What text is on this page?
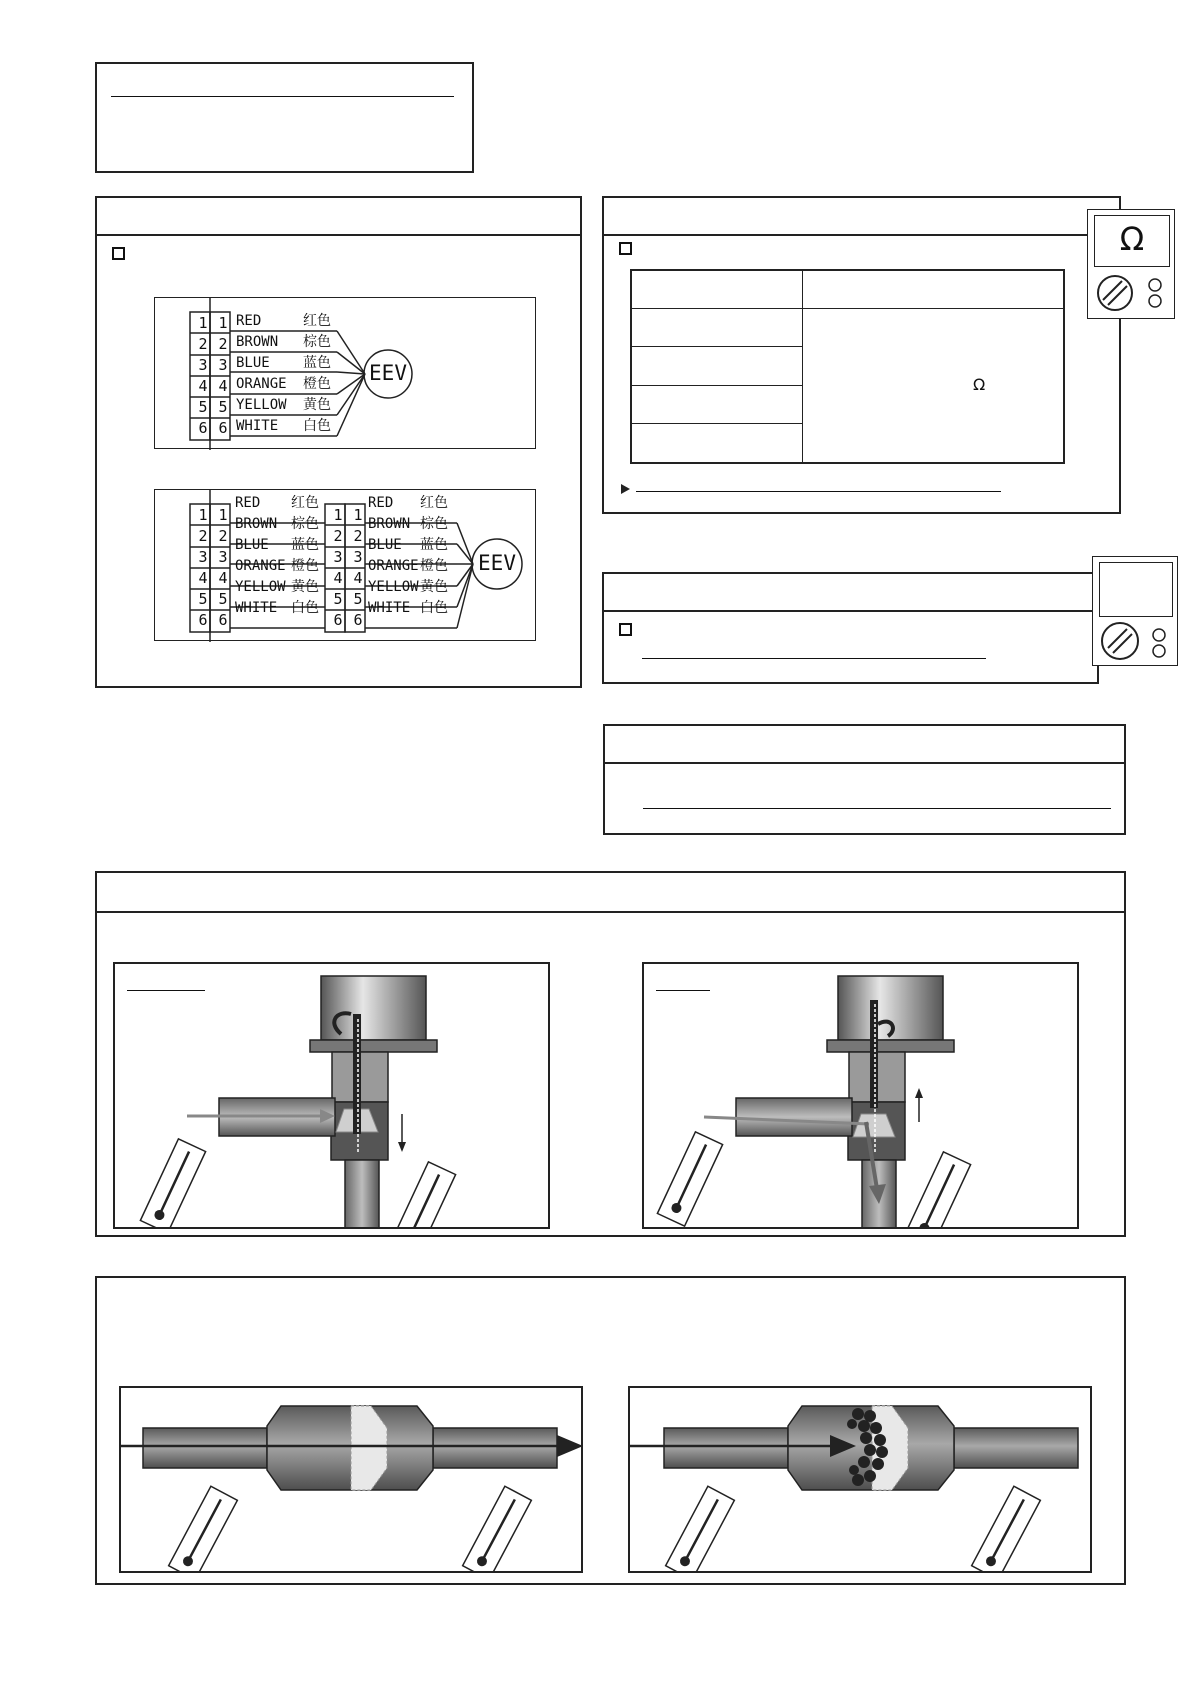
1
2
3
4
5
6
1
2
3
4
5
6
RED
BROWN
BLUE
ORANGE
YELLOW
WHITE
红色
棕色
蓝色
橙色
黄色
白色
EEV
1
2
3
4
5
6
1
2
3
4
5
6
RED
BROWN
BLUE
ORANGE
YELLOW
WHITE
红色
棕色
蓝色
橙色
黄色
白色
1
2
3
4
5
6
1
2
3
4
5
6
RED
BROWN
BLUE
ORANGE
YELLOW
WHITE
红色
棕色
蓝色
橙色
黄色
白色
EEV
Ω
Ω
